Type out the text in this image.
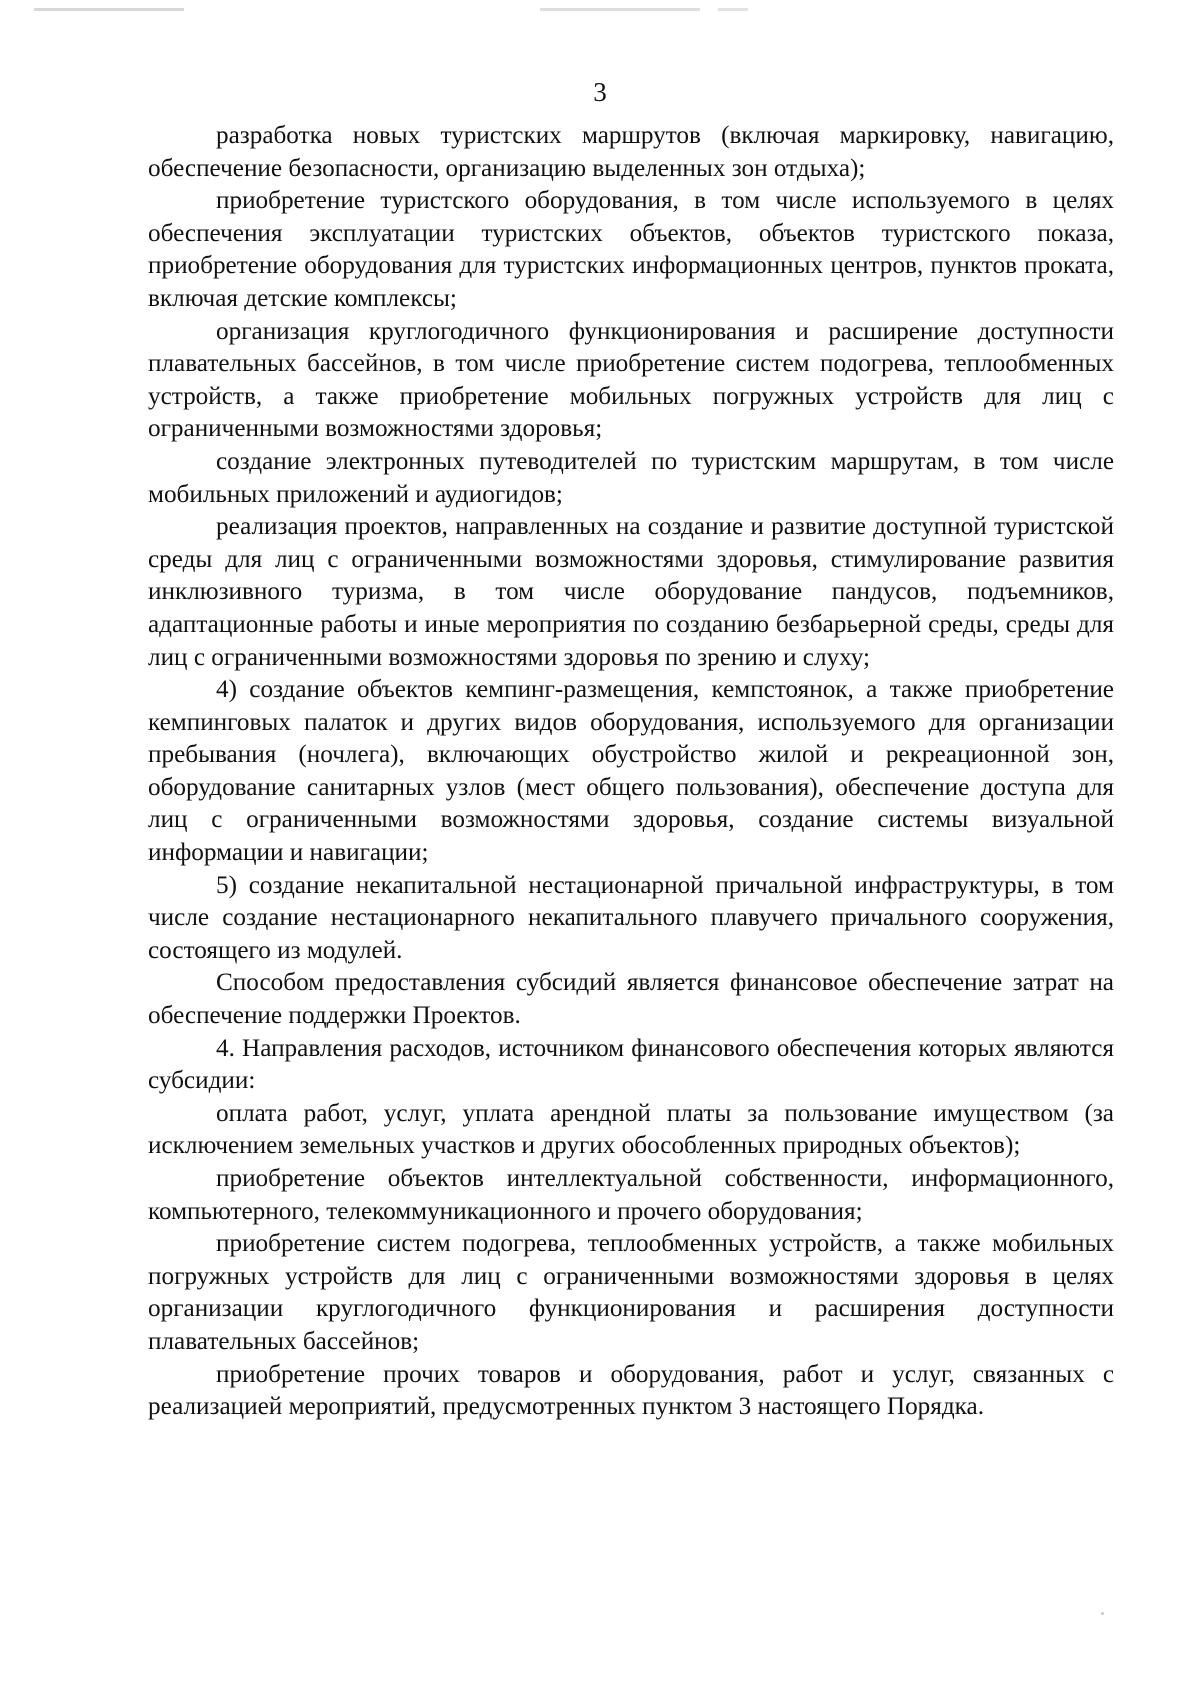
3

разработка новых туристских маршрутов (включая маркировку, навигацию, обеспечение безопасности, организацию выделенных зон отдыха);

приобретение туристского оборудования, в том числе используемого в целях обеспечения эксплуатации туристских объектов, объектов туристского показа, приобретение оборудования для туристских информационных центров, пунктов проката, включая детские комплексы;

организация круглогодичного функционирования и расширение доступности плавательных бассейнов, в том числе приобретение систем подогрева, теплообменных устройств, а также приобретение мобильных погружных устройств для лиц с ограниченными возможностями здоровья;

создание электронных путеводителей по туристским маршрутам, в том числе мобильных приложений и аудиогидов;

реализация проектов, направленных на создание и развитие доступной туристской среды для лиц с ограниченными возможностями здоровья, стимулирование развития инклюзивного туризма, в том числе оборудование пандусов, подъемников, адаптационные работы и иные мероприятия по созданию безбарьерной среды, среды для лиц с ограниченными возможностями здоровья по зрению и слуху;

4) создание объектов кемпинг-размещения, кемпстоянок, а также приобретение кемпинговых палаток и других видов оборудования, используемого для организации пребывания (ночлега), включающих обустройство жилой и рекреационной зон, оборудование санитарных узлов (мест общего пользования), обеспечение доступа для лиц с ограниченными возможностями здоровья, создание системы визуальной информации и навигации;

5) создание некапитальной нестационарной причальной инфраструктуры, в том числе создание нестационарного некапитального плавучего причального сооружения, состоящего из модулей.

Способом предоставления субсидий является финансовое обеспечение затрат на обеспечение поддержки Проектов.

4. Направления расходов, источником финансового обеспечения которых являются субсидии:

оплата работ, услуг, уплата арендной платы за пользование имуществом (за исключением земельных участков и других обособленных природных объектов);

приобретение объектов интеллектуальной собственности, информационного, компьютерного, телекоммуникационного и прочего оборудования;

приобретение систем подогрева, теплообменных устройств, а также мобильных погружных устройств для лиц с ограниченными возможностями здоровья в целях организации круглогодичного функционирования и расширения доступности плавательных бассейнов;

приобретение прочих товаров и оборудования, работ и услуг, связанных с реализацией мероприятий, предусмотренных пунктом 3 настоящего Порядка.
